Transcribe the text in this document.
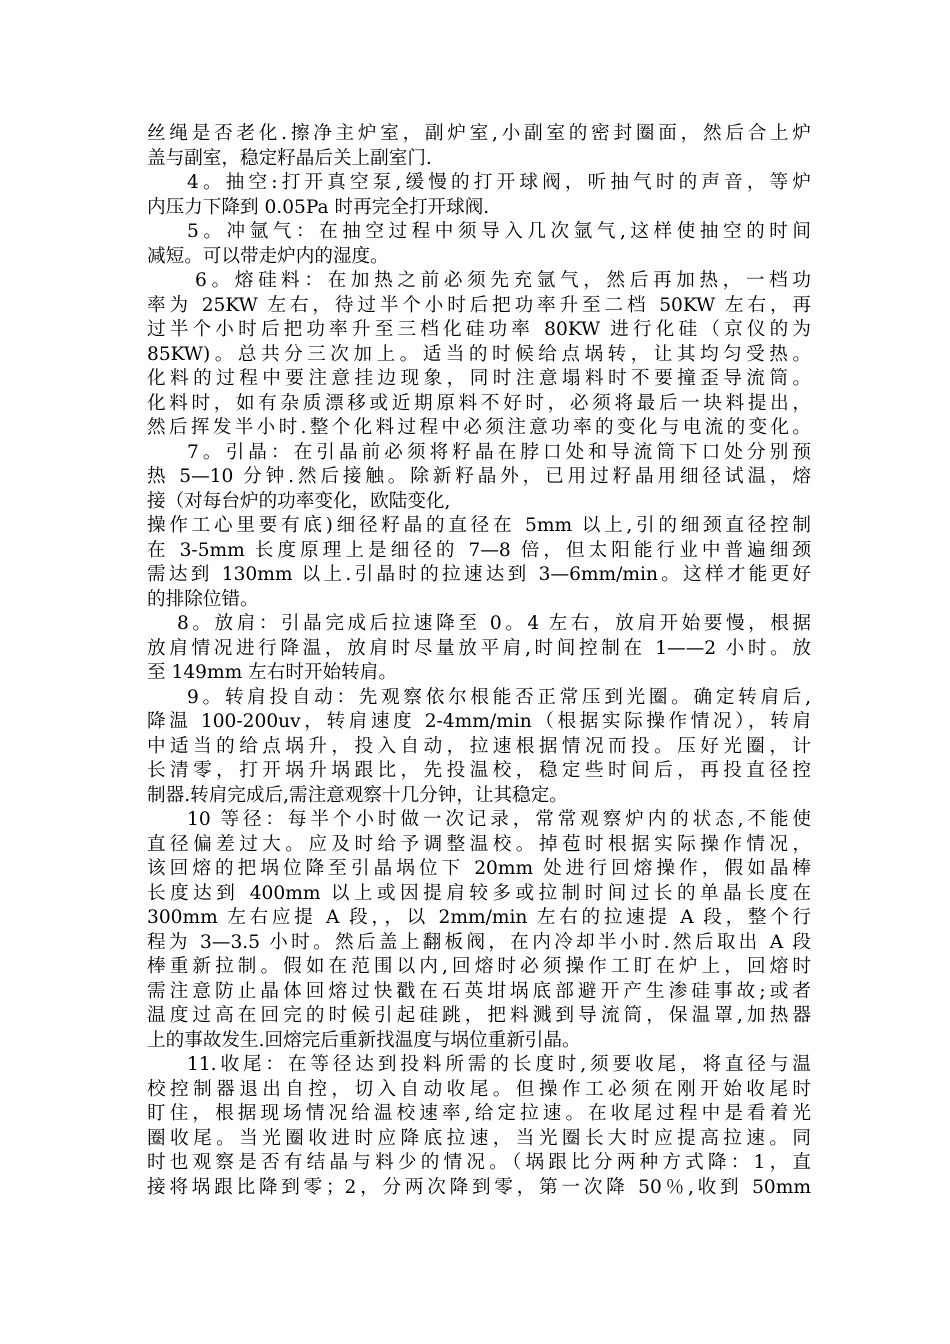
丝绳是否老化.擦净主炉室，副炉室,小副室的密封圈面，然后合上炉
盖与副室，稳定籽晶后关上副室门.
4。抽空:打开真空泵,缓慢的打开球阀，听抽气时的声音，等炉
内压力下降到 0.05Pa 时再完全打开球阀.
5。冲氩气：在抽空过程中须导入几次氩气,这样使抽空的时间
减短。可以带走炉内的湿度。
6。熔硅料：在加热之前必须先充氩气，然后再加热，一档功
率为 25KW 左右，待过半个小时后把功率升至二档 50KW 左右，再
过半个小时后把功率升至三档化硅功率 80KW 进行化硅（京仪的为
85KW)。总共分三次加上。适当的时候给点埚转，让其均匀受热。
化料的过程中要注意挂边现象，同时注意塌料时不要撞歪导流筒。
化料时，如有杂质漂移或近期原料不好时，必须将最后一块料提出，
然后挥发半小时.整个化料过程中必须注意功率的变化与电流的变化。
7。引晶：在引晶前必须将籽晶在脖口处和导流筒下口处分别预
热 5—10 分钟.然后接触。除新籽晶外，已用过籽晶用细径试温，熔
接（对每台炉的功率变化，欧陆变化,
操作工心里要有底)细径籽晶的直径在 5mm 以上,引的细颈直径控制
在 3-5mm 长度原理上是细径的 7—8 倍，但太阳能行业中普遍细颈
需达到 130mm 以上.引晶时的拉速达到 3—6mm/min。这样才能更好
的排除位错。
8。放肩：引晶完成后拉速降至 0。4 左右，放肩开始要慢，根据
放肩情况进行降温，放肩时尽量放平肩,时间控制在 1——2 小时。放
至 149mm 左右时开始转肩。
9。转肩投自动：先观察依尔根能否正常压到光圈。确定转肩后,
降温 100-200uv，转肩速度 2-4mm/min（根据实际操作情况），转肩
中适当的给点埚升，投入自动，拉速根据情况而投。压好光圈，计
长清零，打开埚升埚跟比，先投温校，稳定些时间后，再投直径控
制器.转肩完成后,需注意观察十几分钟，让其稳定。
10 等径：每半个小时做一次记录，常常观察炉内的状态,不能使
直径偏差过大。应及时给予调整温校。掉苞时根据实际操作情况，
该回熔的把埚位降至引晶埚位下 20mm 处进行回熔操作，假如晶棒
长度达到 400mm 以上或因提肩较多或拉制时间过长的单晶长度在
300mm 左右应提 A 段，，以 2mm/min 左右的拉速提 A 段，整个行
程为 3—3.5 小时。然后盖上翻板阀，在内冷却半小时.然后取出 A 段
棒重新拉制。假如在范围以内,回熔时必须操作工盯在炉上，回熔时
需注意防止晶体回熔过快戳在石英坩埚底部避开产生渗硅事故;或者
温度过高在回完的时候引起硅跳，把料溅到导流筒，保温罩,加热器
上的事故发生.回熔完后重新找温度与埚位重新引晶。
11.收尾：在等径达到投料所需的长度时,须要收尾，将直径与温
校控制器退出自控，切入自动收尾。但操作工必须在刚开始收尾时
盯住，根据现场情况给温校速率,给定拉速。在收尾过程中是看着光
圈收尾。当光圈收进时应降底拉速，当光圈长大时应提高拉速。同
时也观察是否有结晶与料少的情况。（埚跟比分两种方式降：1，直
接将埚跟比降到零；2，分两次降到零，第一次降 50％,收到 50mm
